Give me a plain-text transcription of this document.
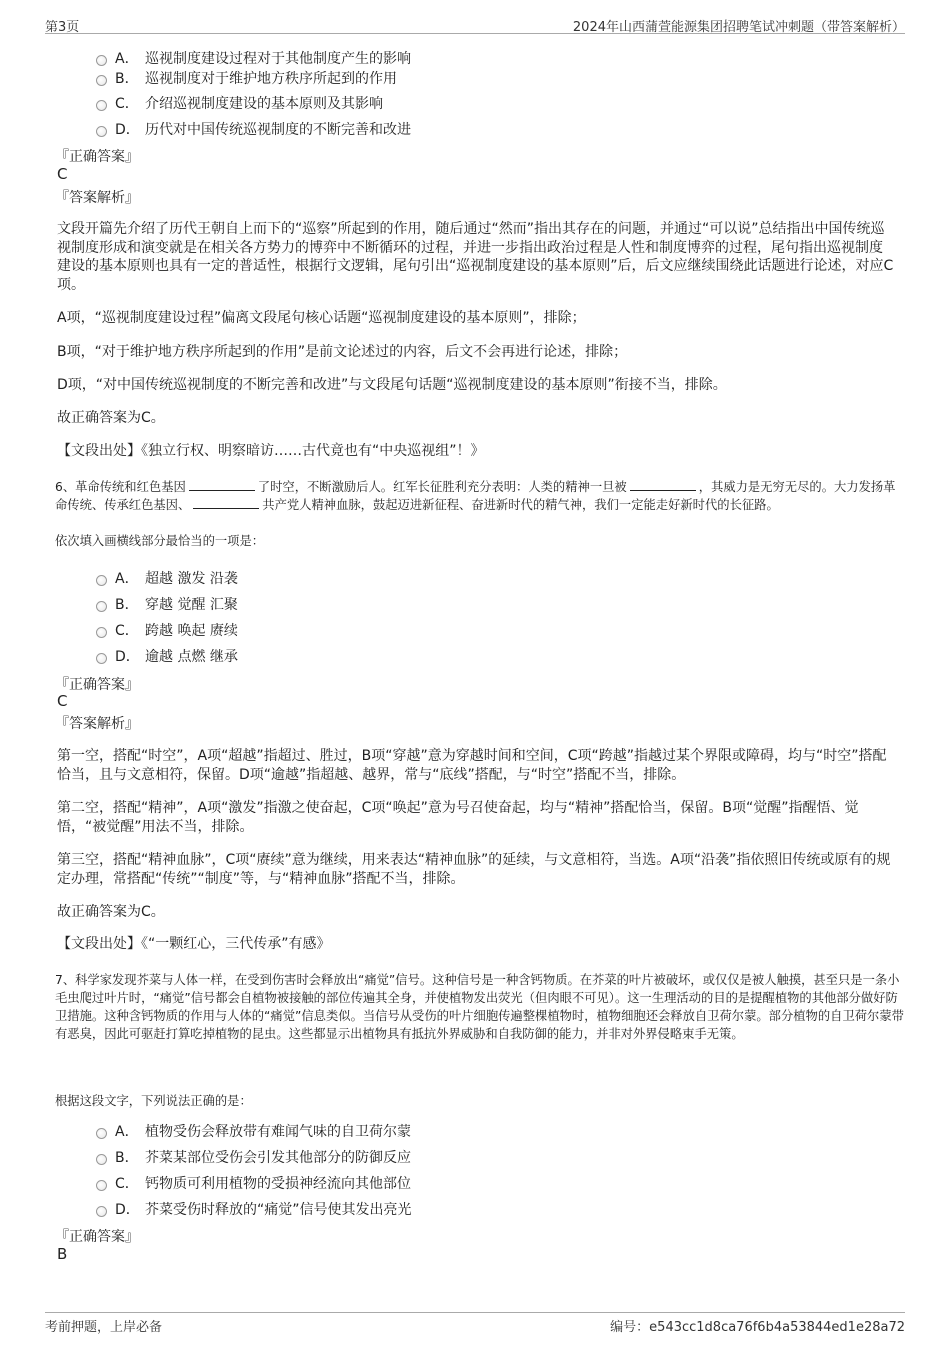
第3页	2024年山西蒲萱能源集团招聘笔试冲刺题（带答案解析）
A． 巡视制度建设过程对于其他制度产生的影响
B． 巡视制度对于维护地方秩序所起到的作用
C． 介绍巡视制度建设的基本原则及其影响
D． 历代对中国传统巡视制度的不断完善和改进
『正确答案』
C
『答案解析』
文段开篇先介绍了历代王朝自上而下的“巡察”所起到的作用，随后通过“然而”指出其存在的问题，并通过“可以说”总结指出中国传统巡视制度形成和演变就是在相关各方势力的博弈中不断循环的过程，并进一步指出政治过程是人性和制度博弈的过程，尾句指出巡视制度建设的基本原则也具有一定的普适性，根据行文逻辑，尾句引出“巡视制度建设的基本原则”后，后文应继续围绕此话题进行论述，对应C项。
A项，“巡视制度建设过程”偏离文段尾句核心话题“巡视制度建设的基本原则”，排除；
B项，“对于维护地方秩序所起到的作用”是前文论述过的内容，后文不会再进行论述，排除；
D项，“对中国传统巡视制度的不断完善和改进”与文段尾句话题“巡视制度建设的基本原则”衔接不当，排除。
故正确答案为C。
【文段出处】《独立行权、明察暗访……古代竟也有“中央巡视组”！》
6、革命传统和红色基因	了时空，不断激励后人。红军长征胜利充分表明：人类的精神一旦被	，其威力是无穷无尽的。大力发扬革命传统、传承红色基因、	共产党人精神血脉，鼓起迈进新征程、奋进新时代的精气神，我们一定能走好新时代的长征路。
依次填入画横线部分最恰当的一项是：
A． 超越 激发 沿袭
B． 穿越 觉醒 汇聚
C． 跨越 唤起 赓续
D． 逾越 点燃 继承
『正确答案』
C
『答案解析』
第一空，搭配“时空”，A项“超越”指超过、胜过，B项“穿越”意为穿越时间和空间，C项“跨越”指越过某个界限或障碍，均与“时空”搭配恰当，且与文意相符，保留。D项“逾越”指超越、越界，常与“底线”搭配，与“时空”搭配不当，排除。
第二空，搭配“精神”，A项“激发”指激之使奋起，C项“唤起”意为号召使奋起，均与“精神”搭配恰当，保留。B项“觉醒”指醒悟、觉悟，“被觉醒”用法不当，排除。
第三空，搭配“精神血脉”，C项“赓续”意为继续，用来表达“精神血脉”的延续，与文意相符，当选。A项“沿袭”指依照旧传统或原有的规定办理，常搭配“传统”“制度”等，与“精神血脉”搭配不当，排除。
故正确答案为C。
【文段出处】《“一颗红心，三代传承”有感》
7、科学家发现芥菜与人体一样，在受到伤害时会释放出“痛觉”信号。这种信号是一种含钙物质。在芥菜的叶片被破坏，或仅仅是被人触摸，甚至只是一条小毛虫爬过叶片时，“痛觉”信号都会自植物被接触的部位传遍其全身，并使植物发出荧光（但肉眼不可见）。这一生理活动的目的是提醒植物的其他部分做好防卫措施。这种含钙物质的作用与人体的“痛觉”信息类似。当信号从受伤的叶片细胞传遍整棵植物时，植物细胞还会释放自卫荷尔蒙。部分植物的自卫荷尔蒙带有恶臭，因此可驱赶打算吃掉植物的昆虫。这些都显示出植物具有抵抗外界威胁和自我防御的能力，并非对外界侵略束手无策。
根据这段文字，下列说法正确的是：
A． 植物受伤会释放带有难闻气味的自卫荷尔蒙
B． 芥菜某部位受伤会引发其他部分的防御反应
C． 钙物质可利用植物的受损神经流向其他部位
D． 芥菜受伤时释放的“痛觉”信号使其发出亮光
『正确答案』
B
考前押题，上岸必备	编号：e543cc1d8ca76f6b4a53844ed1e28a72
